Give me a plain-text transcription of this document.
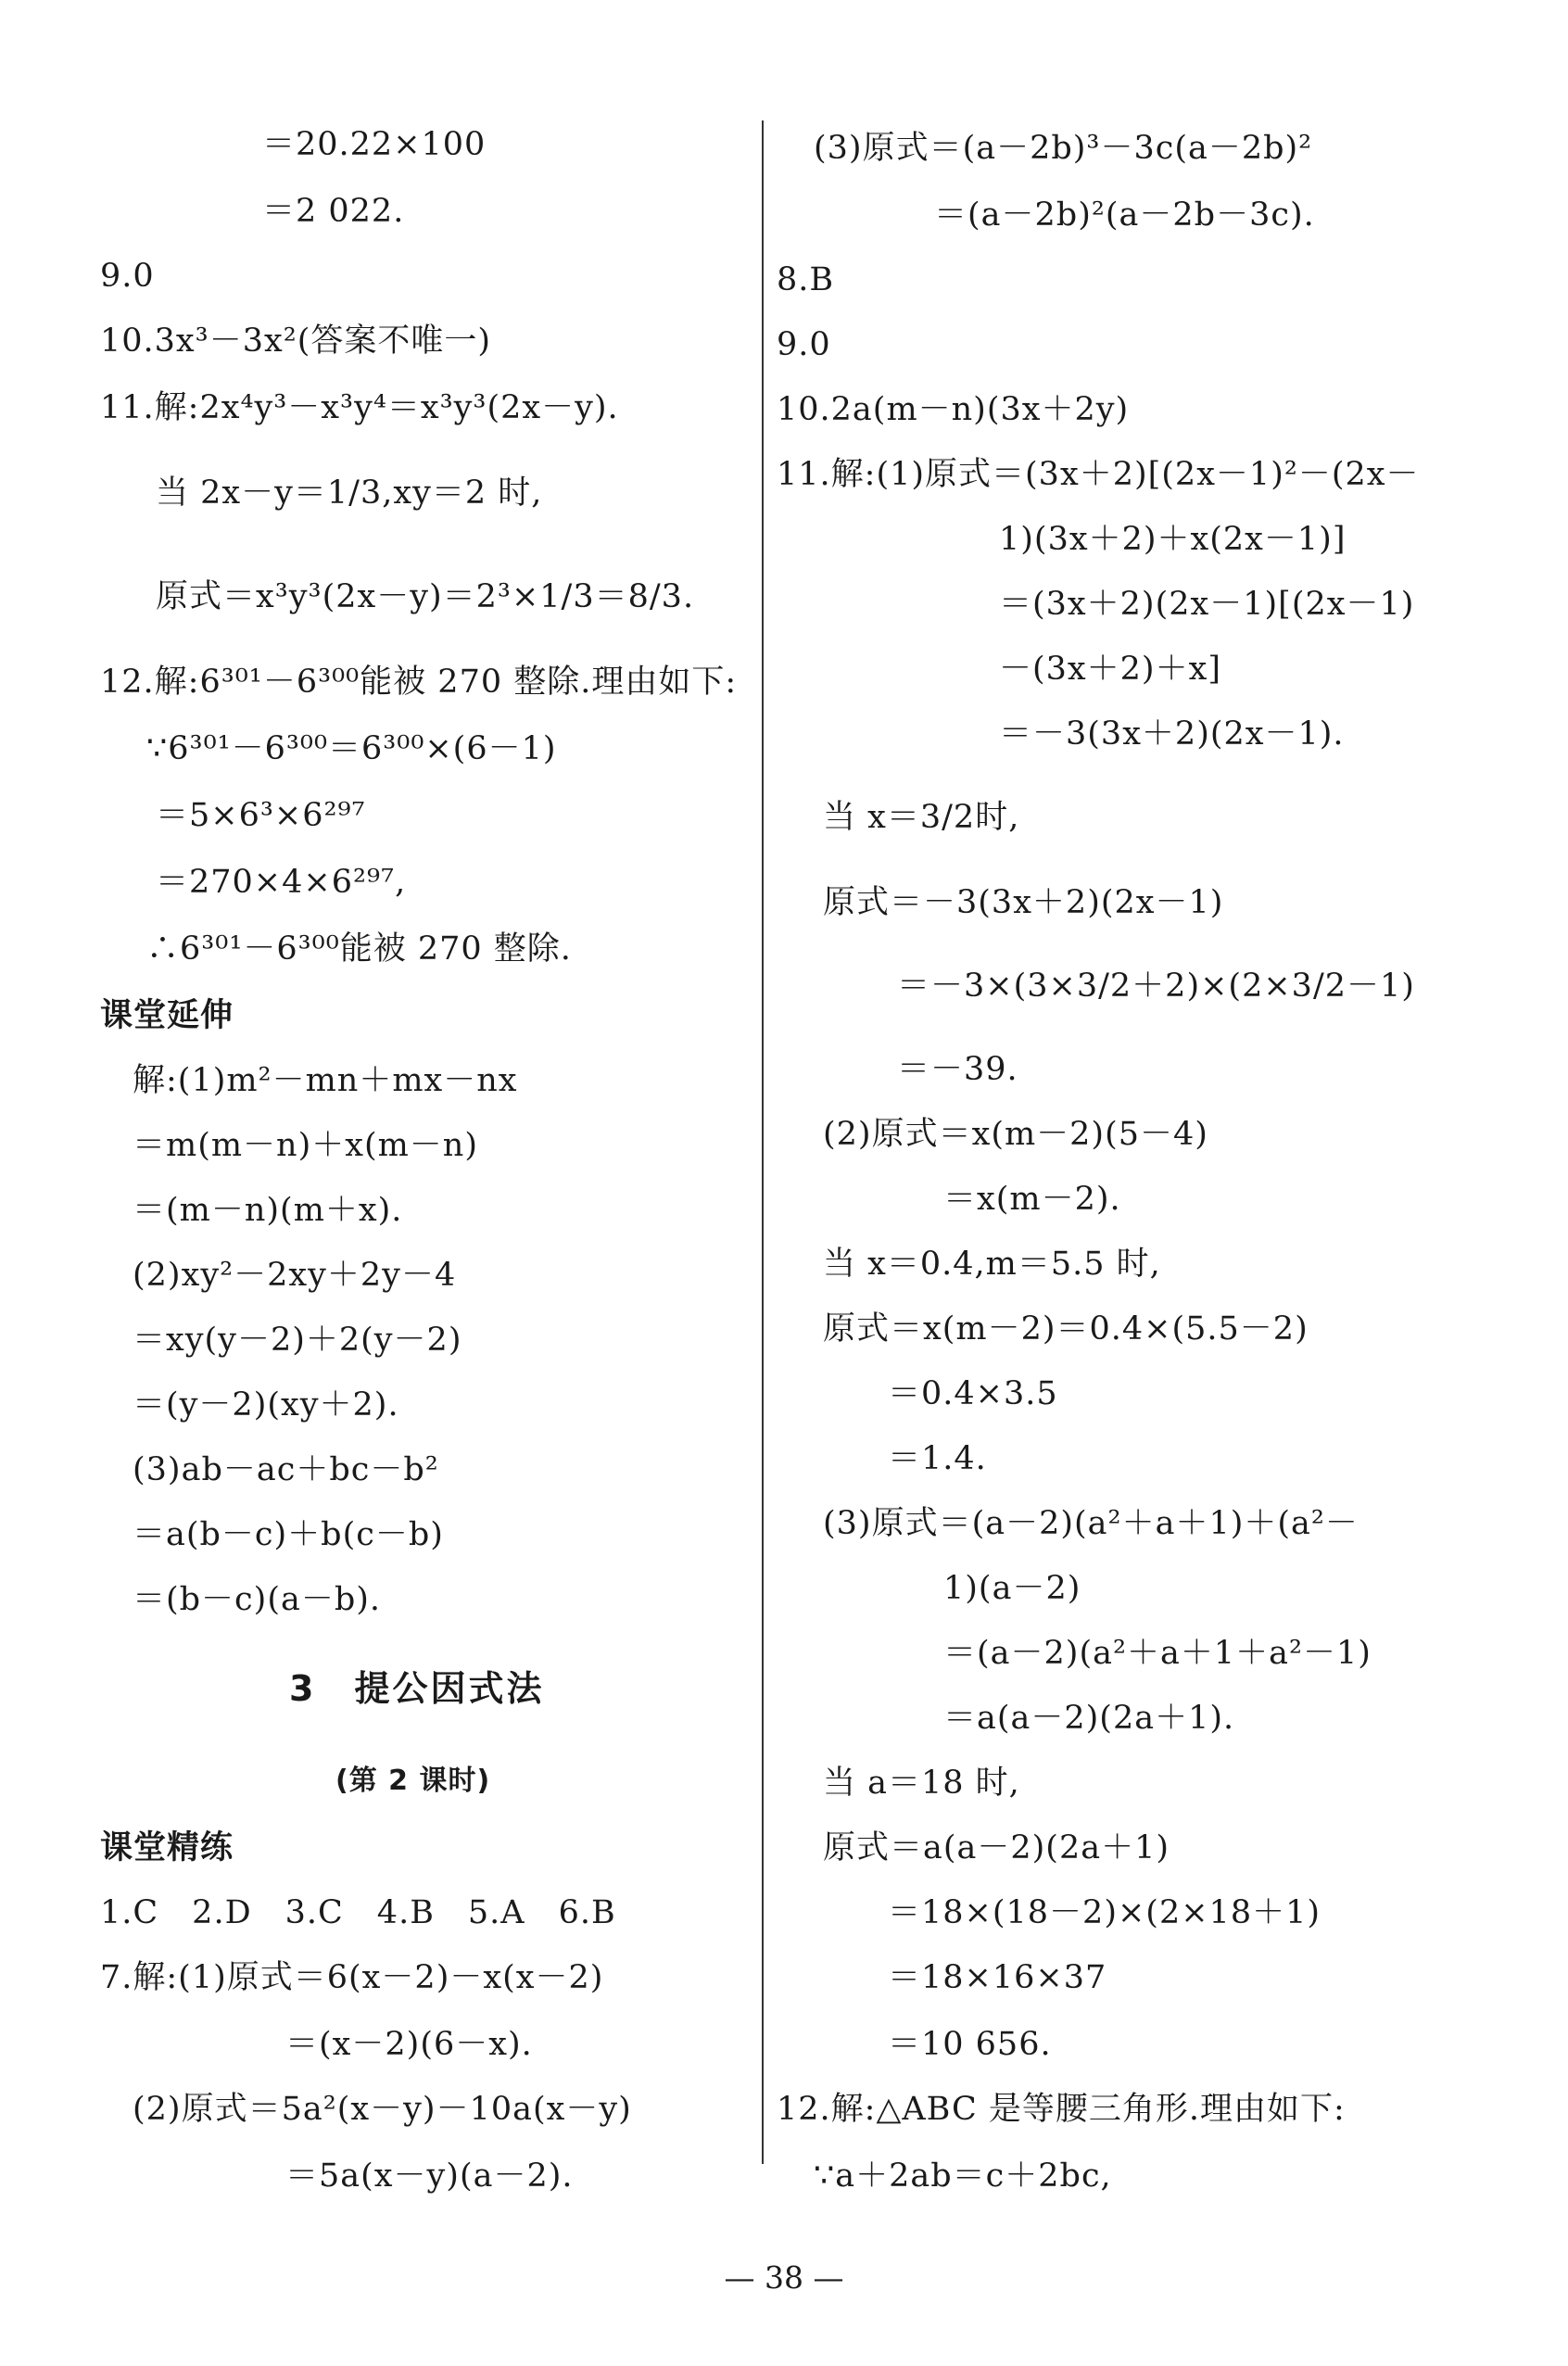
＝20.22×100
＝2 022.
9.0
10.3x³－3x²(答案不唯一)
11.解:2x⁴y³－x³y⁴＝x³y³(2x－y).
当 2x－y＝1/3,xy＝2 时,
原式＝x³y³(2x－y)＝2³×1/3＝8/3.
12.解:6³⁰¹－6³⁰⁰能被 270 整除.理由如下:
∵6³⁰¹－6³⁰⁰＝6³⁰⁰×(6－1)
＝5×6³×6²⁹⁷
＝270×4×6²⁹⁷,
∴6³⁰¹－6³⁰⁰能被 270 整除.
课堂延伸
解:(1)m²－mn＋mx－nx
＝m(m－n)＋x(m－n)
＝(m－n)(m＋x).
(2)xy²－2xy＋2y－4
＝xy(y－2)＋2(y－2)
＝(y－2)(xy＋2).
(3)ab－ac＋bc－b²
＝a(b－c)＋b(c－b)
＝(b－c)(a－b).
3　提公因式法
(第 2 课时)
课堂精练
1.C　2.D　3.C　4.B　5.A　6.B
7.解:(1)原式＝6(x－2)－x(x－2)
＝(x－2)(6－x).
(2)原式＝5a²(x－y)－10a(x－y)
＝5a(x－y)(a－2).
(3)原式＝(a－2b)³－3c(a－2b)²
＝(a－2b)²(a－2b－3c).
8.B
9.0
10.2a(m－n)(3x＋2y)
11.解:(1)原式＝(3x＋2)[(2x－1)²－(2x－
1)(3x＋2)＋x(2x－1)]
＝(3x＋2)(2x－1)[(2x－1)
－(3x＋2)＋x]
＝－3(3x＋2)(2x－1).
当 x＝3/2时,
原式＝－3(3x＋2)(2x－1)
＝－3×(3×3/2＋2)×(2×3/2－1)
＝－39.
(2)原式＝x(m－2)(5－4)
＝x(m－2).
当 x＝0.4,m＝5.5 时,
原式＝x(m－2)＝0.4×(5.5－2)
＝0.4×3.5
＝1.4.
(3)原式＝(a－2)(a²＋a＋1)＋(a²－
1)(a－2)
＝(a－2)(a²＋a＋1＋a²－1)
＝a(a－2)(2a＋1).
当 a＝18 时,
原式＝a(a－2)(2a＋1)
＝18×(18－2)×(2×18＋1)
＝18×16×37
＝10 656.
12.解:△ABC 是等腰三角形.理由如下:
∵a＋2ab＝c＋2bc,
— 38 —
